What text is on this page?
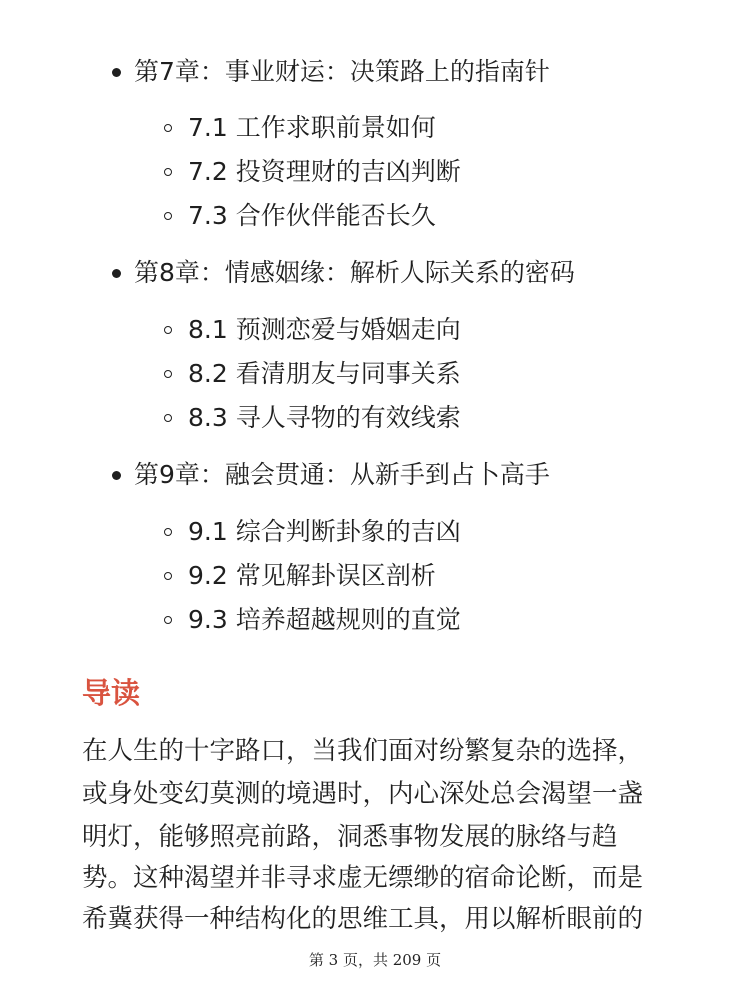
第7章：事业财运：决策路上的指南针
7.1 工作求职前景如何
7.2 投资理财的吉凶判断
7.3 合作伙伴能否长久
第8章：情感姻缘：解析人际关系的密码
8.1 预测恋爱与婚姻走向
8.2 看清朋友与同事关系
8.3 寻人寻物的有效线索
第9章：融会贯通：从新手到占卜高手
9.1 综合判断卦象的吉凶
9.2 常见解卦误区剖析
9.3 培养超越规则的直觉
导读
在人生的十字路口，当我们面对纷繁复杂的选择，
或身处变幻莫测的境遇时，内心深处总会渴望一盏
明灯，能够照亮前路，洞悉事物发展的脉络与趋
势。这种渴望并非寻求虚无缥缈的宿命论断，而是
希冀获得一种结构化的思维工具，用以解析眼前的
第 3 页，共 209 页
